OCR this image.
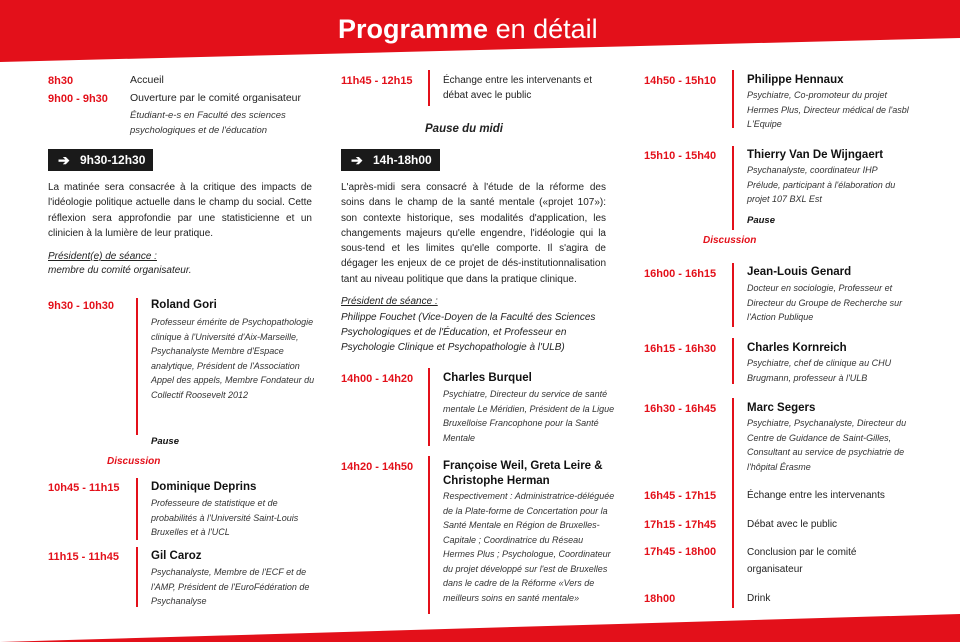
Programme en détail
8h30	Accueil
9h00 - 9h30 Ouverture par le comité organisateur
Étudiant-e-s en Faculté des sciences psychologiques et de l'éducation
➔ 9h30-12h30
La matinée sera consacrée à la critique des impacts de l'idéologie politique actuelle dans le champ du social. Cette réflexion sera approfondie par une statisticienne et un clinicien à la lumière de leur pratique.
Président(e) de séance :
membre du comité organisateur.
9h30 - 10h30	Roland Gori
Professeur émérite de Psychopathologie clinique à l'Université d'Aix-Marseille, Psychanalyste Membre d'Espace analytique, Président de l'Association Appel des appels, Membre Fondateur du Collectif Roosevelt 2012
Pause
Discussion
10h45 - 11h15	Dominique Deprins
Professeure de statistique et de probabilités à l'Université Saint-Louis Bruxelles et à l'UCL
11h15 - 11h45	Gil Caroz
Psychanalyste, Membre de l'ECF et de l'AMP, Président de l'EuroFédération de Psychanalyse
11h45 - 12h15	Échange entre les intervenants et débat avec le public
Pause du midi
➔ 14h-18h00
L'après-midi sera consacré à l'étude de la réforme des soins dans le champ de la santé mentale («projet 107»): son contexte historique, ses modalités d'application, les changements majeurs qu'elle engendre, l'idéologie qui la sous-tend et les limites qu'elle comporte. Il s'agira de dégager les enjeux de ce projet de dés-institutionnalisation tant au niveau politique que dans la pratique clinique.
Président de séance :
Philippe Fouchet (Vice-Doyen de la Faculté des Sciences Psychologiques et de l'Éducation, et Professeur en Psychologie Clinique et Psychopathologie à l'ULB)
14h00 - 14h20	Charles Burquel
Psychiatre, Directeur du service de santé mentale Le Méridien, Président de la Ligue Bruxelloise Francophone pour la Santé Mentale
14h20 - 14h50	Françoise Weil, Greta Leire &
Christophe Herman
Respectivement : Administratrice-déléguée de la Plate-forme de Concertation pour la Santé Mentale en Région de Bruxelles-Capitale ; Coordinatrice du Réseau Hermes Plus ; Psychologue, Coordinateur du projet développé sur l'est de Bruxelles dans le cadre de la Réforme «Vers de meilleurs soins en santé mentale»
14h50 - 15h10	Philippe Hennaux
Psychiatre, Co-promoteur du projet Hermes Plus, Directeur médical de l'asbl L'Equipe
15h10 - 15h40	Thierry Van De Wijngaert
Psychanalyste, coordinateur IHP Prélude, participant à l'élaboration du projet 107 BXL Est
Pause
Discussion
16h00 - 16h15	Jean-Louis Genard
Docteur en sociologie, Professeur et Directeur du Groupe de Recherche sur l'Action Publique
16h15 - 16h30	Charles Kornreich
Psychiatre, chef de clinique au CHU Brugmann, professeur à l'ULB
16h30 - 16h45	Marc Segers
Psychiatre, Psychanalyste, Directeur du Centre de Guidance de Saint-Gilles, Consultant au service de psychiatrie de l'hôpital Érasme
16h45 - 17h15	Échange entre les intervenants
17h15 - 17h45	Débat avec le public
17h45 - 18h00	Conclusion par le comité organisateur
18h00	Drink
